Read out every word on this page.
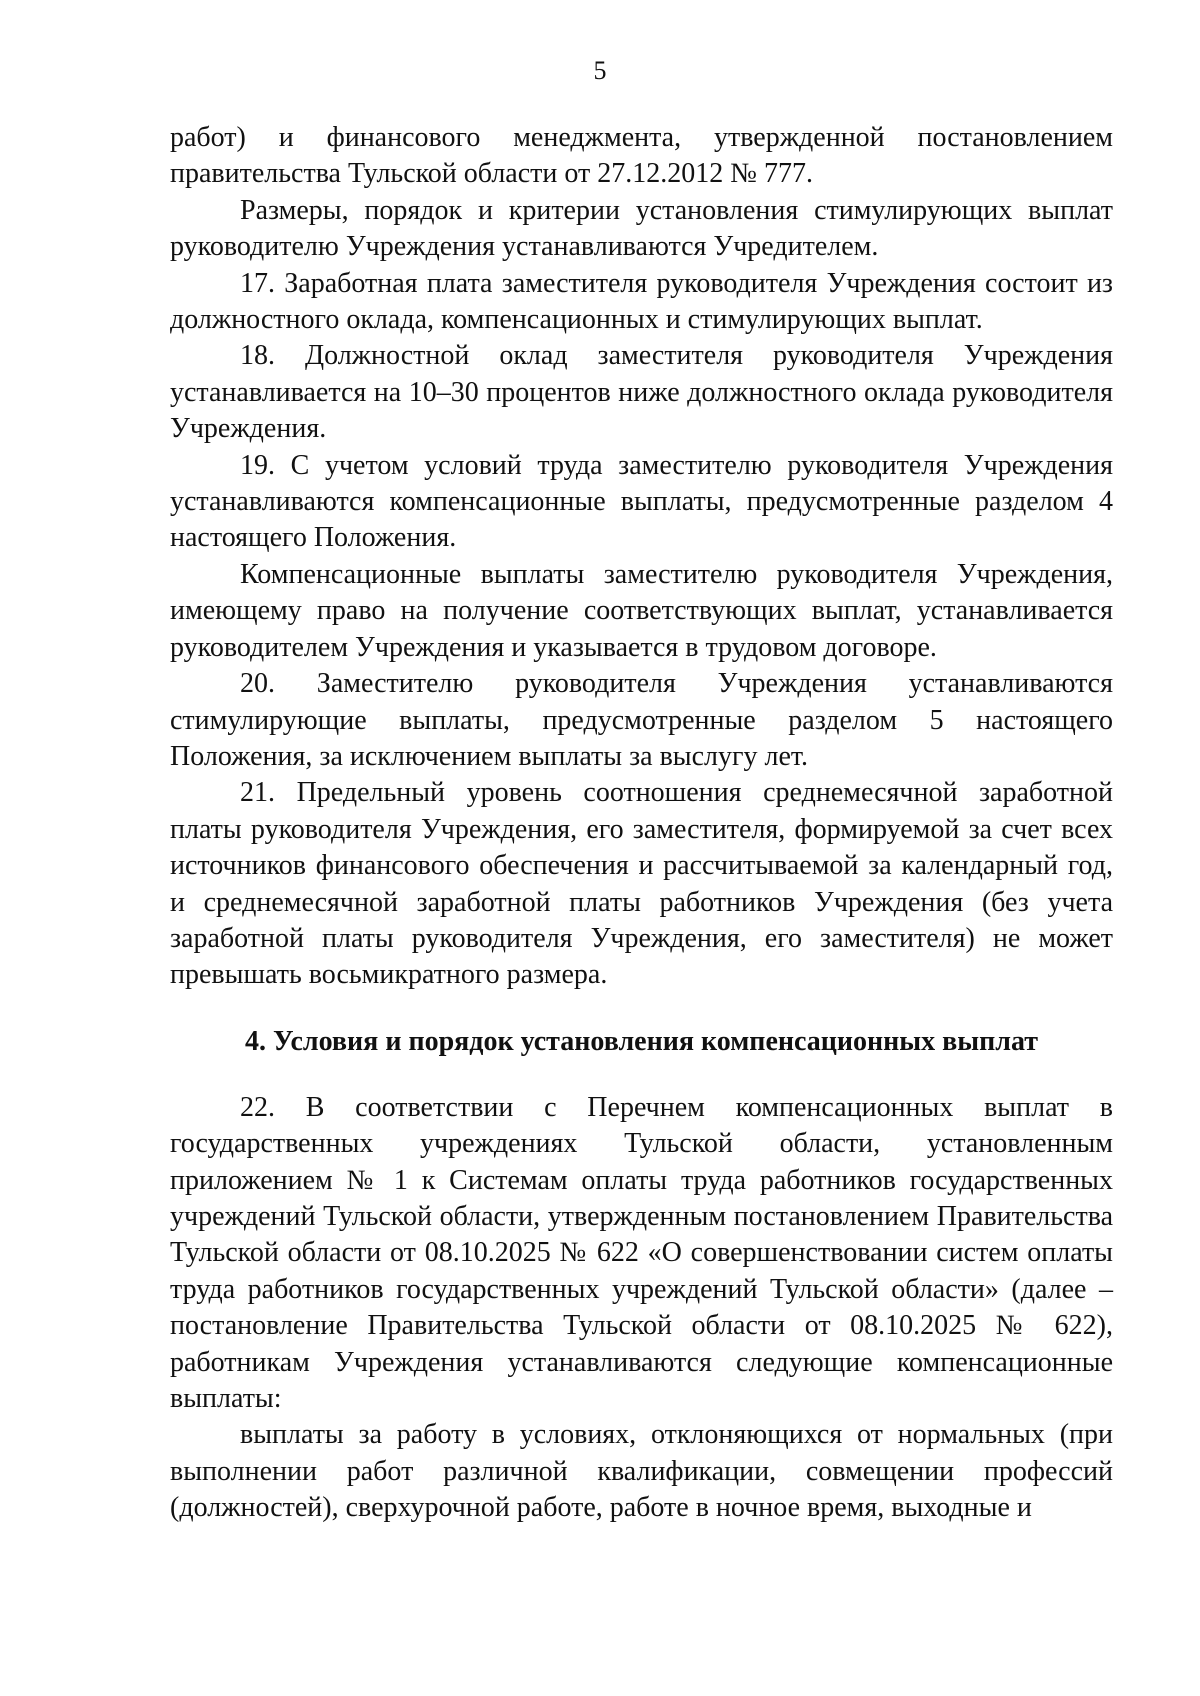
5

работ) и финансового менеджмента, утвержденной постановлением правительства Тульской области от 27.12.2012 № 777.

Размеры, порядок и критерии установления стимулирующих выплат руководителю Учреждения устанавливаются Учредителем.

17. Заработная плата заместителя руководителя Учреждения состоит из должностного оклада, компенсационных и стимулирующих выплат.

18. Должностной оклад заместителя руководителя Учреждения устанавливается на 10–30 процентов ниже должностного оклада руководителя Учреждения.

19. С учетом условий труда заместителю руководителя Учреждения устанавливаются компенсационные выплаты, предусмотренные разделом 4 настоящего Положения.

Компенсационные выплаты заместителю руководителя Учреждения, имеющему право на получение соответствующих выплат, устанавливается руководителем Учреждения и указывается в трудовом договоре.

20. Заместителю руководителя Учреждения устанавливаются стимулирующие выплаты, предусмотренные разделом 5 настоящего Положения, за исключением выплаты за выслугу лет.

21. Предельный уровень соотношения среднемесячной заработной платы руководителя Учреждения, его заместителя, формируемой за счет всех источников финансового обеспечения и рассчитываемой за календарный год, и среднемесячной заработной платы работников Учреждения (без учета заработной платы руководителя Учреждения, его заместителя) не может превышать восьмикратного размера.

4. Условия и порядок установления компенсационных выплат

22. В соответствии с Перечнем компенсационных выплат в государственных учреждениях Тульской области, установленным приложением № 1 к Системам оплаты труда работников государственных учреждений Тульской области, утвержденным постановлением Правительства Тульской области от 08.10.2025 № 622 «О совершенствовании систем оплаты труда работников государственных учреждений Тульской области» (далее – постановление Правительства Тульской области от 08.10.2025 № 622), работникам Учреждения устанавливаются следующие компенсационные выплаты:

выплаты за работу в условиях, отклоняющихся от нормальных (при выполнении работ различной квалификации, совмещении профессий (должностей), сверхурочной работе, работе в ночное время, выходные и
